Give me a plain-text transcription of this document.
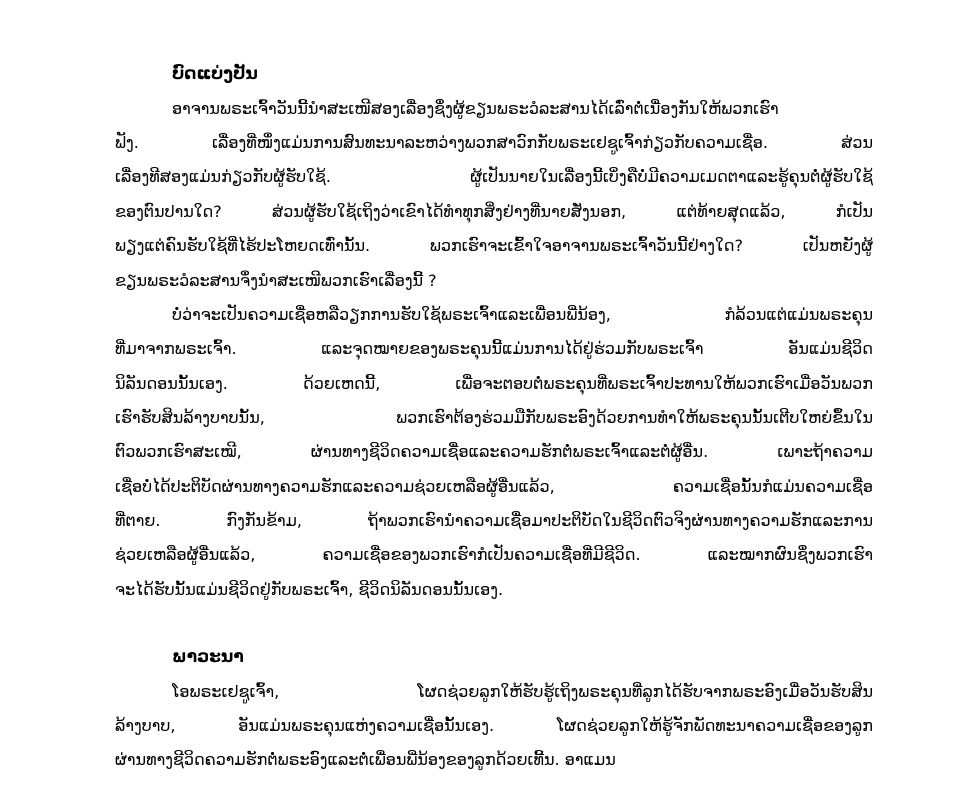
ບົດແບ່ງປັນ
ອາຈານພຣະເຈົ້າວັນນີ້ນໍາສະເໜີສອງເລື່ອງຊຶ່ງຜູ້ຂຽນພຣະວໍລະສານໄດ້ເລົ່າຕໍ່ເນື່ອງກັນໃຫ້ພວກເຮົາ
ຟັງ. ເລື່ອງທີ່ໜຶ່ງແມ່ນການສົນທະນາລະຫວ່າງພວກສາວົກກັບພຣະເຢຊູເຈົ້າກ່ຽວກັບຄວາມເຊື່ອ. ສ່ວນ
ເລື່ອງທີສອງແມ່ນກ່ຽວກັບຜູ້ຮັບໃຊ້. ຜູ້ເປັນນາຍໃນເລື່ອງນີ້ເບິ່ງຄືບໍ່ມີຄວາມເມດຕາແລະຮູ້ຄຸນຕໍ່ຜູ້ຮັບໃຊ້
ຂອງຕົນປານໃດ? ສ່ວນຜູ້ຮັບໃຊ້ເຖິງວ່າເຂົາໄດ້ທໍາທຸກສິ່ງຢ່າງທີ່ນາຍສັ່ງນອກ, ແຕ່ທ້າຍສຸດແລ້ວ, ກໍເປັນ
ພຽງແຕ່ຄົນຮັບໃຊ້ທີ່ໄຮ້ປະໂຫຍດເທົ່ານັ້ນ. ພວກເຮົາຈະເຂົ້າໃຈອາຈານພຣະເຈົ້າວັນນີ້ຢ່າງໃດ? ເປັນຫຍັງຜູ້
ຂຽນພຣະວໍລະສານຈຶ່ງນໍາສະເໜີພວກເຮົາເລື່ອງນີ້ ?
ບໍ່ວ່າຈະເປັນຄວາມເຊື່ອຫລືວຽກການຮັບໃຊ້ພຣະເຈົ້າແລະເພື່ອນພີ່ນ້ອງ, ກໍລ້ວນແຕ່ແມ່ນພຣະຄຸນ
ທີ່ມາຈາກພຣະເຈົ້າ. ແລະຈຸດໝາຍຂອງພຣະຄຸນນີ້ແມ່ນການໄດ້ຢູ່ຮ່ວມກັບພຣະເຈົ້າ ອັນແມ່ນຊີວິດ
ນິລັນດອນນັ້ນເອງ. ດ້ວຍເຫດນີ້, ເພື່ອຈະຕອບຕໍ່ພຣະຄຸນທີ່ພຣະເຈົ້າປະທານໃຫ້ພວກເຮົາເມື່ອວັນພວກ
ເຮົາຮັບສິນລ້າງບາບນັ້ນ, ພວກເຮົາຕ້ອງຮ່ວມມືກັບພຣະອົງດ້ວຍການທໍາໃຫ້ພຣະຄຸນນັ້ນເຕີບໃຫຍ່ຂຶ້ນໃນ
ຕົວພວກເຮົາສະເໝີ, ຜ່ານທາງຊີວິດຄວາມເຊື່ອແລະຄວາມຮັກຕໍ່ພຣະເຈົ້າແລະຕໍ່ຜູ້ອື່ນ. ເພາະຖ້າຄວາມ
ເຊື່ອບໍ່ໄດ້ປະຕິບັດຜ່ານທາງຄວາມຮັກແລະຄວາມຊ່ວຍເຫລືອຜູ້ອື່ນແລ້ວ, ຄວາມເຊື່ອນັ້ນກໍແມ່ນຄວາມເຊື່ອ
ທີ່ຕາຍ. ກົງກັນຂ້າມ, ຖ້າພວກເຮົານໍາຄວາມເຊື່ອມາປະຕິບັດໃນຊີວິດຕົວຈິງຜ່ານທາງຄວາມຮັກແລະການ
ຊ່ວຍເຫລືອຜູ້ອື່ນແລ້ວ, ຄວາມເຊື່ອຂອງພວກເຮົາກໍເປັນຄວາມເຊື່ອທີ່ມີຊີວິດ. ແລະໝາກຜົນຊຶ່ງພວກເຮົາ
ຈະໄດ້ຮັບນັ້ນແມ່ນຊີວິດຢູ່ກັບພຣະເຈົ້າ, ຊີວິດນິລັນດອນນັ້ນເອງ.
ພາວະນາ
ໂອພຣະເຢຊູເຈົ້າ, ໂຜດຊ່ວຍລູກໃຫ້ຮັບຮູ້ເຖິງພຣະຄຸນທີ່ລູກໄດ້ຮັບຈາກພຣະອົງເມື່ອວັນຮັບສິນ
ລ້າງບາບ, ອັນແມ່ນພຣະຄຸນແຫ່ງຄວາມເຊື່ອນັ້ນເອງ. ໂຜດຊ່ວຍລູກໃຫ້ຮູ້ຈັກພັດທະນາຄວາມເຊື່ອຂອງລູກ
ຜ່ານທາງຊີວິດຄວາມຮັກຕໍ່ພຣະອົງແລະຕໍ່ເພື່ອນພີ່ນ້ອງຂອງລູກດ້ວຍເທີ້ນ. ອາແມນ
